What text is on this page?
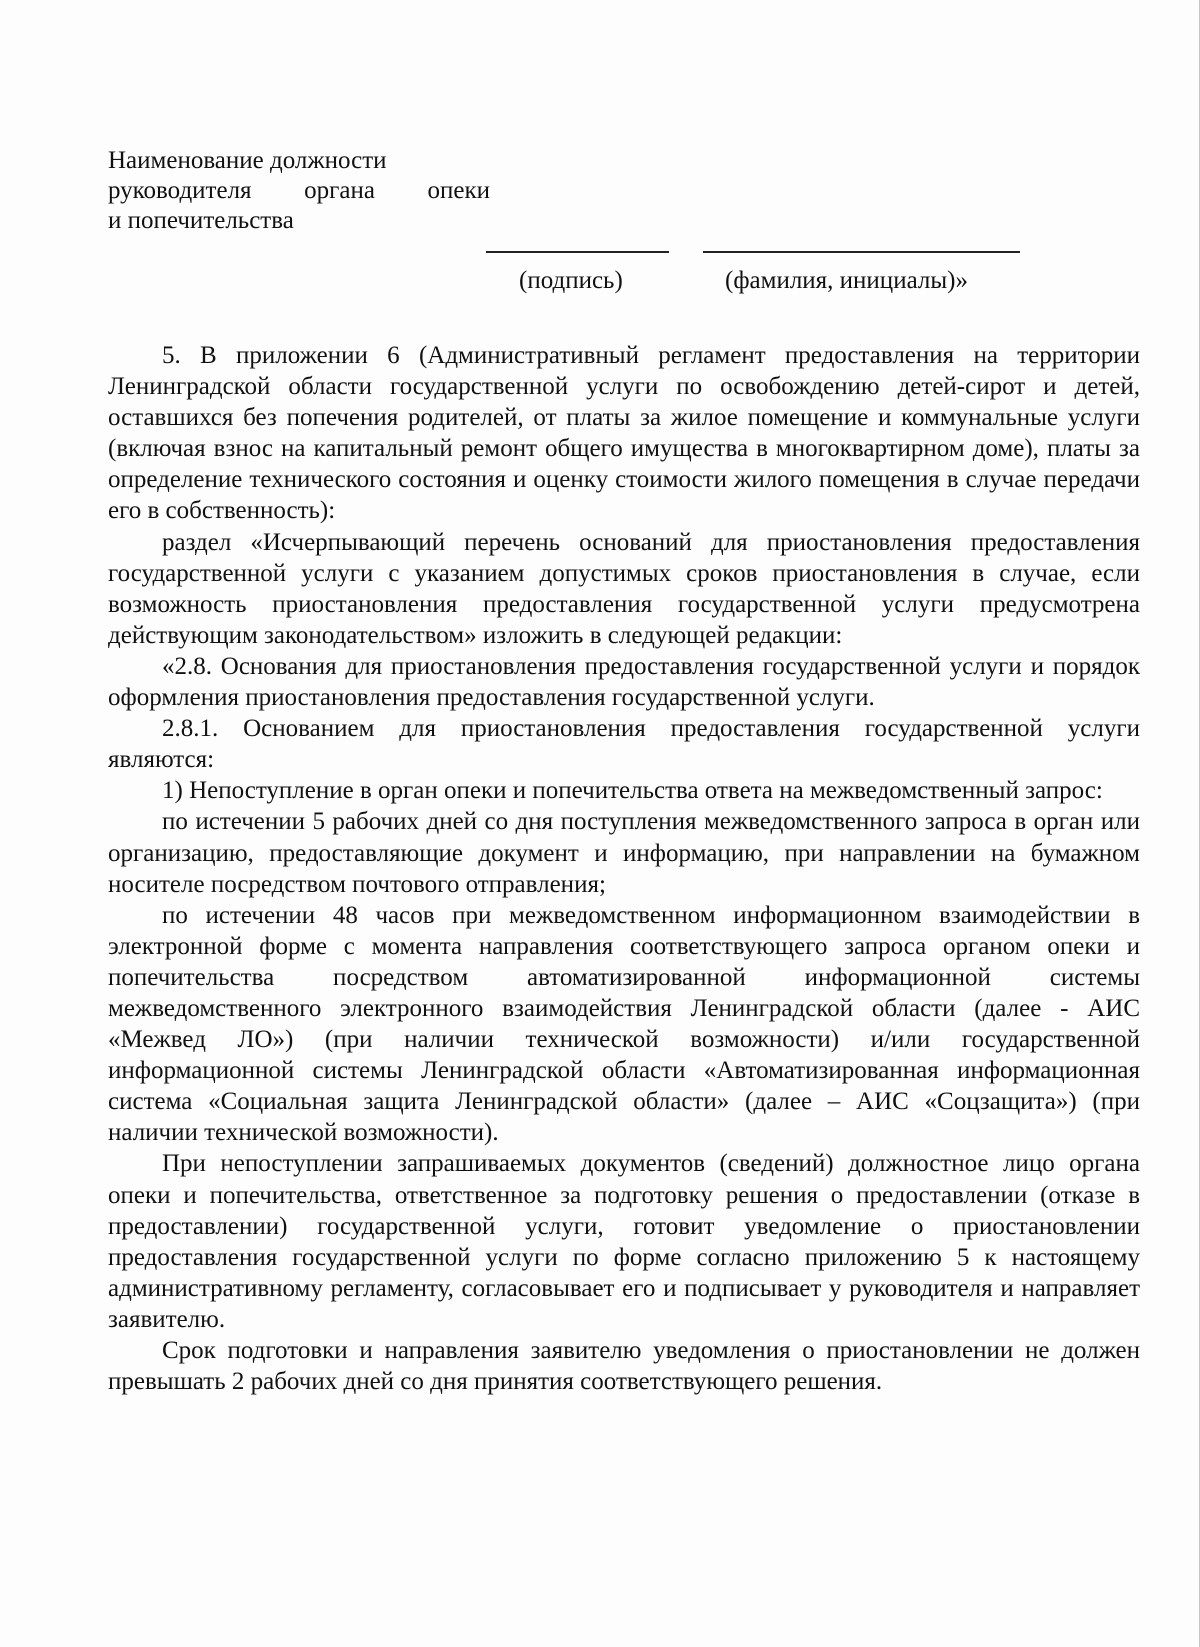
Наименование должности
руководителя органа опеки
и попечительства
(подпись)	(фамилия, инициалы)»

5. В приложении 6 (Административный регламент предоставления на территории Ленинградской области государственной услуги по освобождению детей-сирот и детей, оставшихся без попечения родителей, от платы за жилое помещение и коммунальные услуги (включая взнос на капитальный ремонт общего имущества в многоквартирном доме), платы за определение технического состояния и оценку стоимости жилого помещения в случае передачи его в собственность):

раздел «Исчерпывающий перечень оснований для приостановления предоставления государственной услуги с указанием допустимых сроков приостановления в случае, если возможность приостановления предоставления государственной услуги предусмотрена действующим законодательством» изложить в следующей редакции:

«2.8. Основания для приостановления предоставления государственной услуги и порядок оформления приостановления предоставления государственной услуги.

2.8.1. Основанием для приостановления предоставления государственной услуги являются:

1) Непоступление в орган опеки и попечительства ответа на межведомственный запрос:

по истечении 5 рабочих дней со дня поступления межведомственного запроса в орган или организацию, предоставляющие документ и информацию, при направлении на бумажном носителе посредством почтового отправления;

по истечении 48 часов при межведомственном информационном взаимодействии в электронной форме с момента направления соответствующего запроса органом опеки и попечительства посредством автоматизированной информационной системы межведомственного электронного взаимодействия Ленинградской области (далее - АИС «Межвед ЛО») (при наличии технической возможности) и/или государственной информационной системы Ленинградской области «Автоматизированная информационная система «Социальная защита Ленинградской области» (далее – АИС «Соцзащита») (при наличии технической возможности).

При непоступлении запрашиваемых документов (сведений) должностное лицо органа опеки и попечительства, ответственное за подготовку решения о предоставлении (отказе в предоставлении) государственной услуги, готовит уведомление о приостановлении предоставления государственной услуги по форме согласно приложению 5 к настоящему административному регламенту, согласовывает его и подписывает у руководителя и направляет заявителю.

Срок подготовки и направления заявителю уведомления о приостановлении не должен превышать 2 рабочих дней со дня принятия соответствующего решения.
